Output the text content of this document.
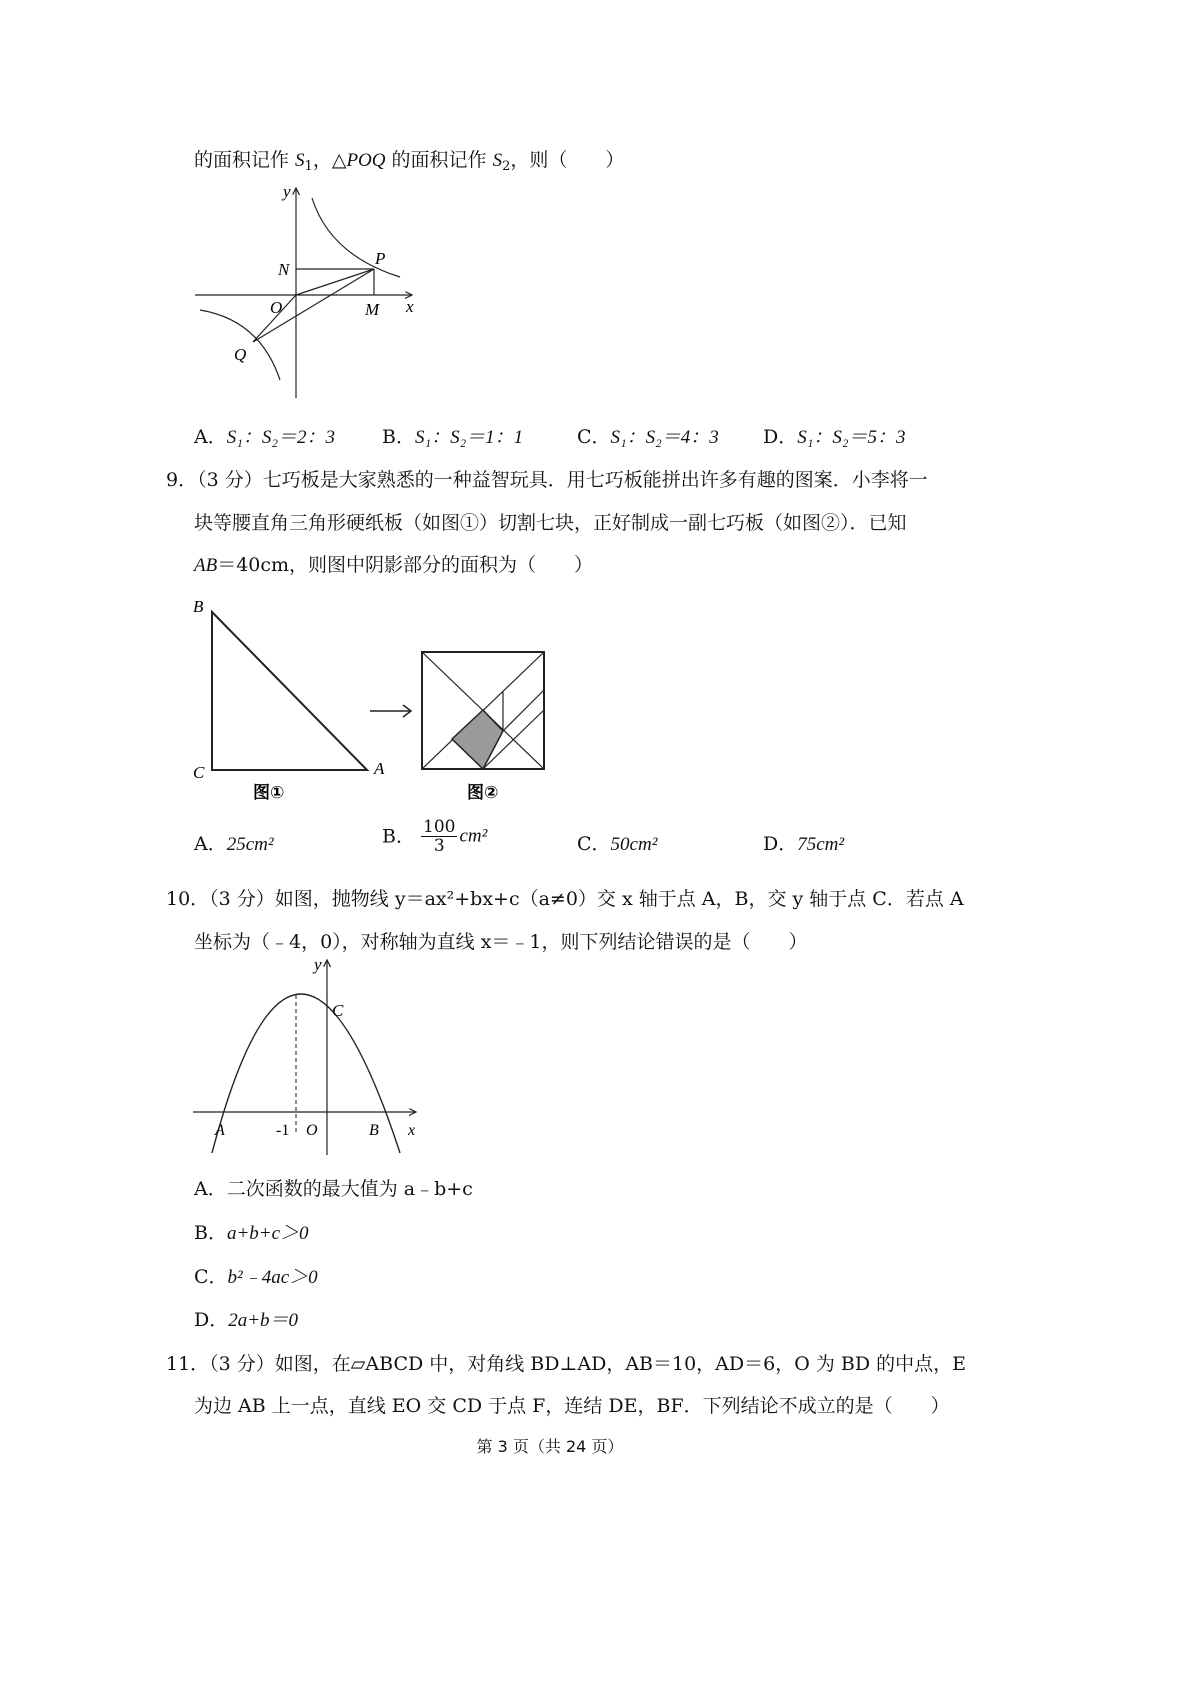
的面积记作 $S_1$，△POQ 的面积记作 $S_2$，则（　　）
y
x
N
P
O	M
Q
A．S₁：S₂＝2：3 B．S₁：S₂＝1：1	C．S₁：S₂＝4：3 D．S₁：S₂＝5：3
9．（3 分）七巧板是大家熟悉的一种益智玩具．用七巧板能拼出许多有趣的图案．小李将一
块等腰直角三角形硬纸板（如图①）切割七块，正好制成一副七巧板（如图②）．已知
AB＝40cm，则图中阴影部分的面积为（　　）
B
C	A
图①	图②
A．25cm²	B． $\frac{100}{3} cm^2$	C．50cm²	D．75cm²
10．（3 分）如图，抛物线 y＝ax²+bx+c（a≠0）交 x 轴于点 A，B，交 y 轴于点 C．若点 A
坐标为（﹣4，0），对称轴为直线 x＝﹣1，则下列结论错误的是（　　）
y
C
A	-1 O	B x
A．二次函数的最大值为 a﹣b+c
B．a+b+c＞0
C．b²﹣4ac＞0
D．2a+b＝0
11．（3 分）如图，在▱ABCD 中，对角线 BD⊥AD，AB＝10，AD＝6，O 为 BD 的中点，E
为边 AB 上一点，直线 EO 交 CD 于点 F，连结 DE，BF．下列结论不成立的是（　　）
第 3 页（共 24 页）
